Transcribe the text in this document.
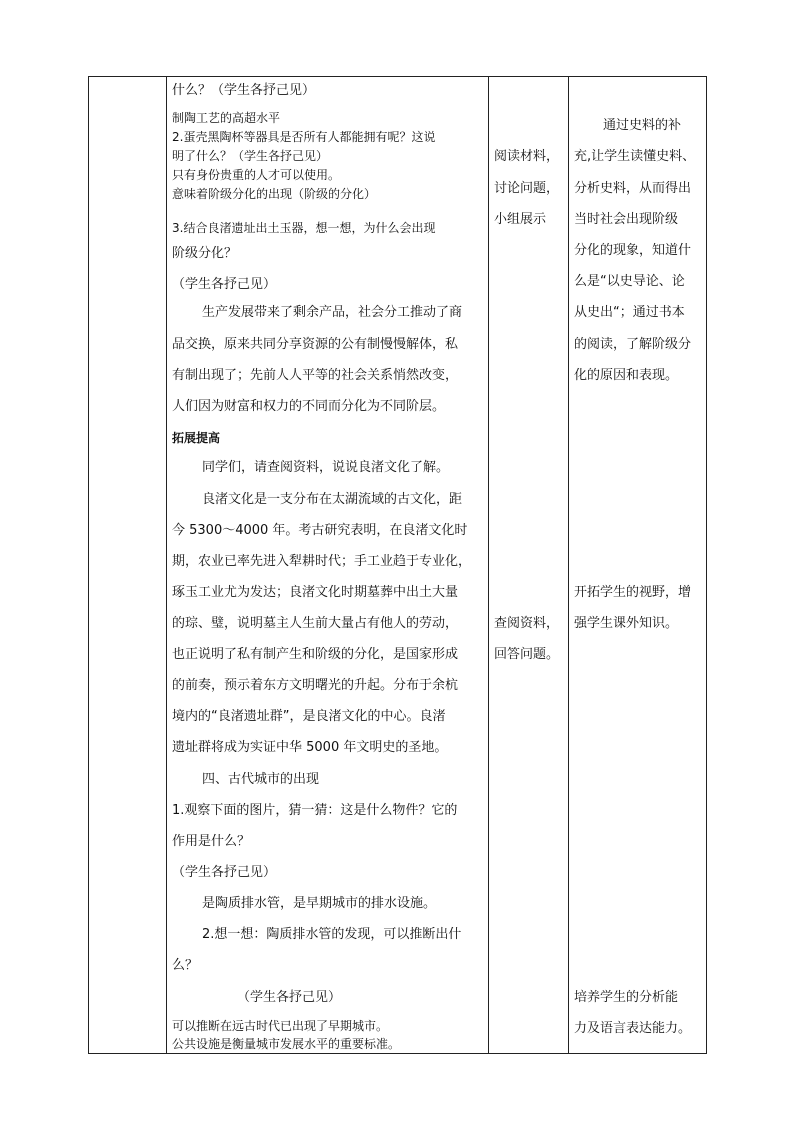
什么？（学生各抒己见）
制陶工艺的高超水平
2.蛋壳黑陶杯等器具是否所有人都能拥有呢？这说
明了什么？（学生各抒己见）
只有身份贵重的人才可以使用。
意味着阶级分化的出现（阶级的分化）
3.结合良渚遗址出土玉器，想一想，为什么会出现
阶级分化？
（学生各抒己见）
生产发展带来了剩余产品，社会分工推动了商
品交换，原来共同分享资源的公有制慢慢解体，私
有制出现了；先前人人平等的社会关系悄然改变，
人们因为财富和权力的不同而分化为不同阶层。
拓展提高
同学们，请查阅资料，说说良渚文化了解。
良渚文化是一支分布在太湖流域的古文化，距
今 5300～4000 年。考古研究表明，在良渚文化时
期，农业已率先进入犁耕时代；手工业趋于专业化，
琢玉工业尤为发达；良渚文化时期墓葬中出土大量
的琮、璧，说明墓主人生前大量占有他人的劳动，
也正说明了私有制产生和阶级的分化，是国家形成
的前奏，预示着东方文明曙光的升起。分布于余杭
境内的“良渚遗址群”，是良渚文化的中心。良渚
遗址群将成为实证中华 5000 年文明史的圣地。
四、古代城市的出现
1.观察下面的图片，猜一猜：这是什么物件？它的
作用是什么？
（学生各抒己见）
是陶质排水管，是早期城市的排水设施。
2.想一想：陶质排水管的发现，可以推断出什
么？
（学生各抒己见）
可以推断在远古时代已出现了早期城市。
公共设施是衡量城市发展水平的重要标准。
阅读材料，
讨论问题，
小组展示
查阅资料，
回答问题。
通过史料的补
充,让学生读懂史料、
分析史料，从而得出
当时社会出现阶级
分化的现象，知道什
么是“以史导论、论
从史出“；通过书本
的阅读，了解阶级分
化的原因和表现。
开拓学生的视野，增
强学生课外知识。
培养学生的分析能
力及语言表达能力。
